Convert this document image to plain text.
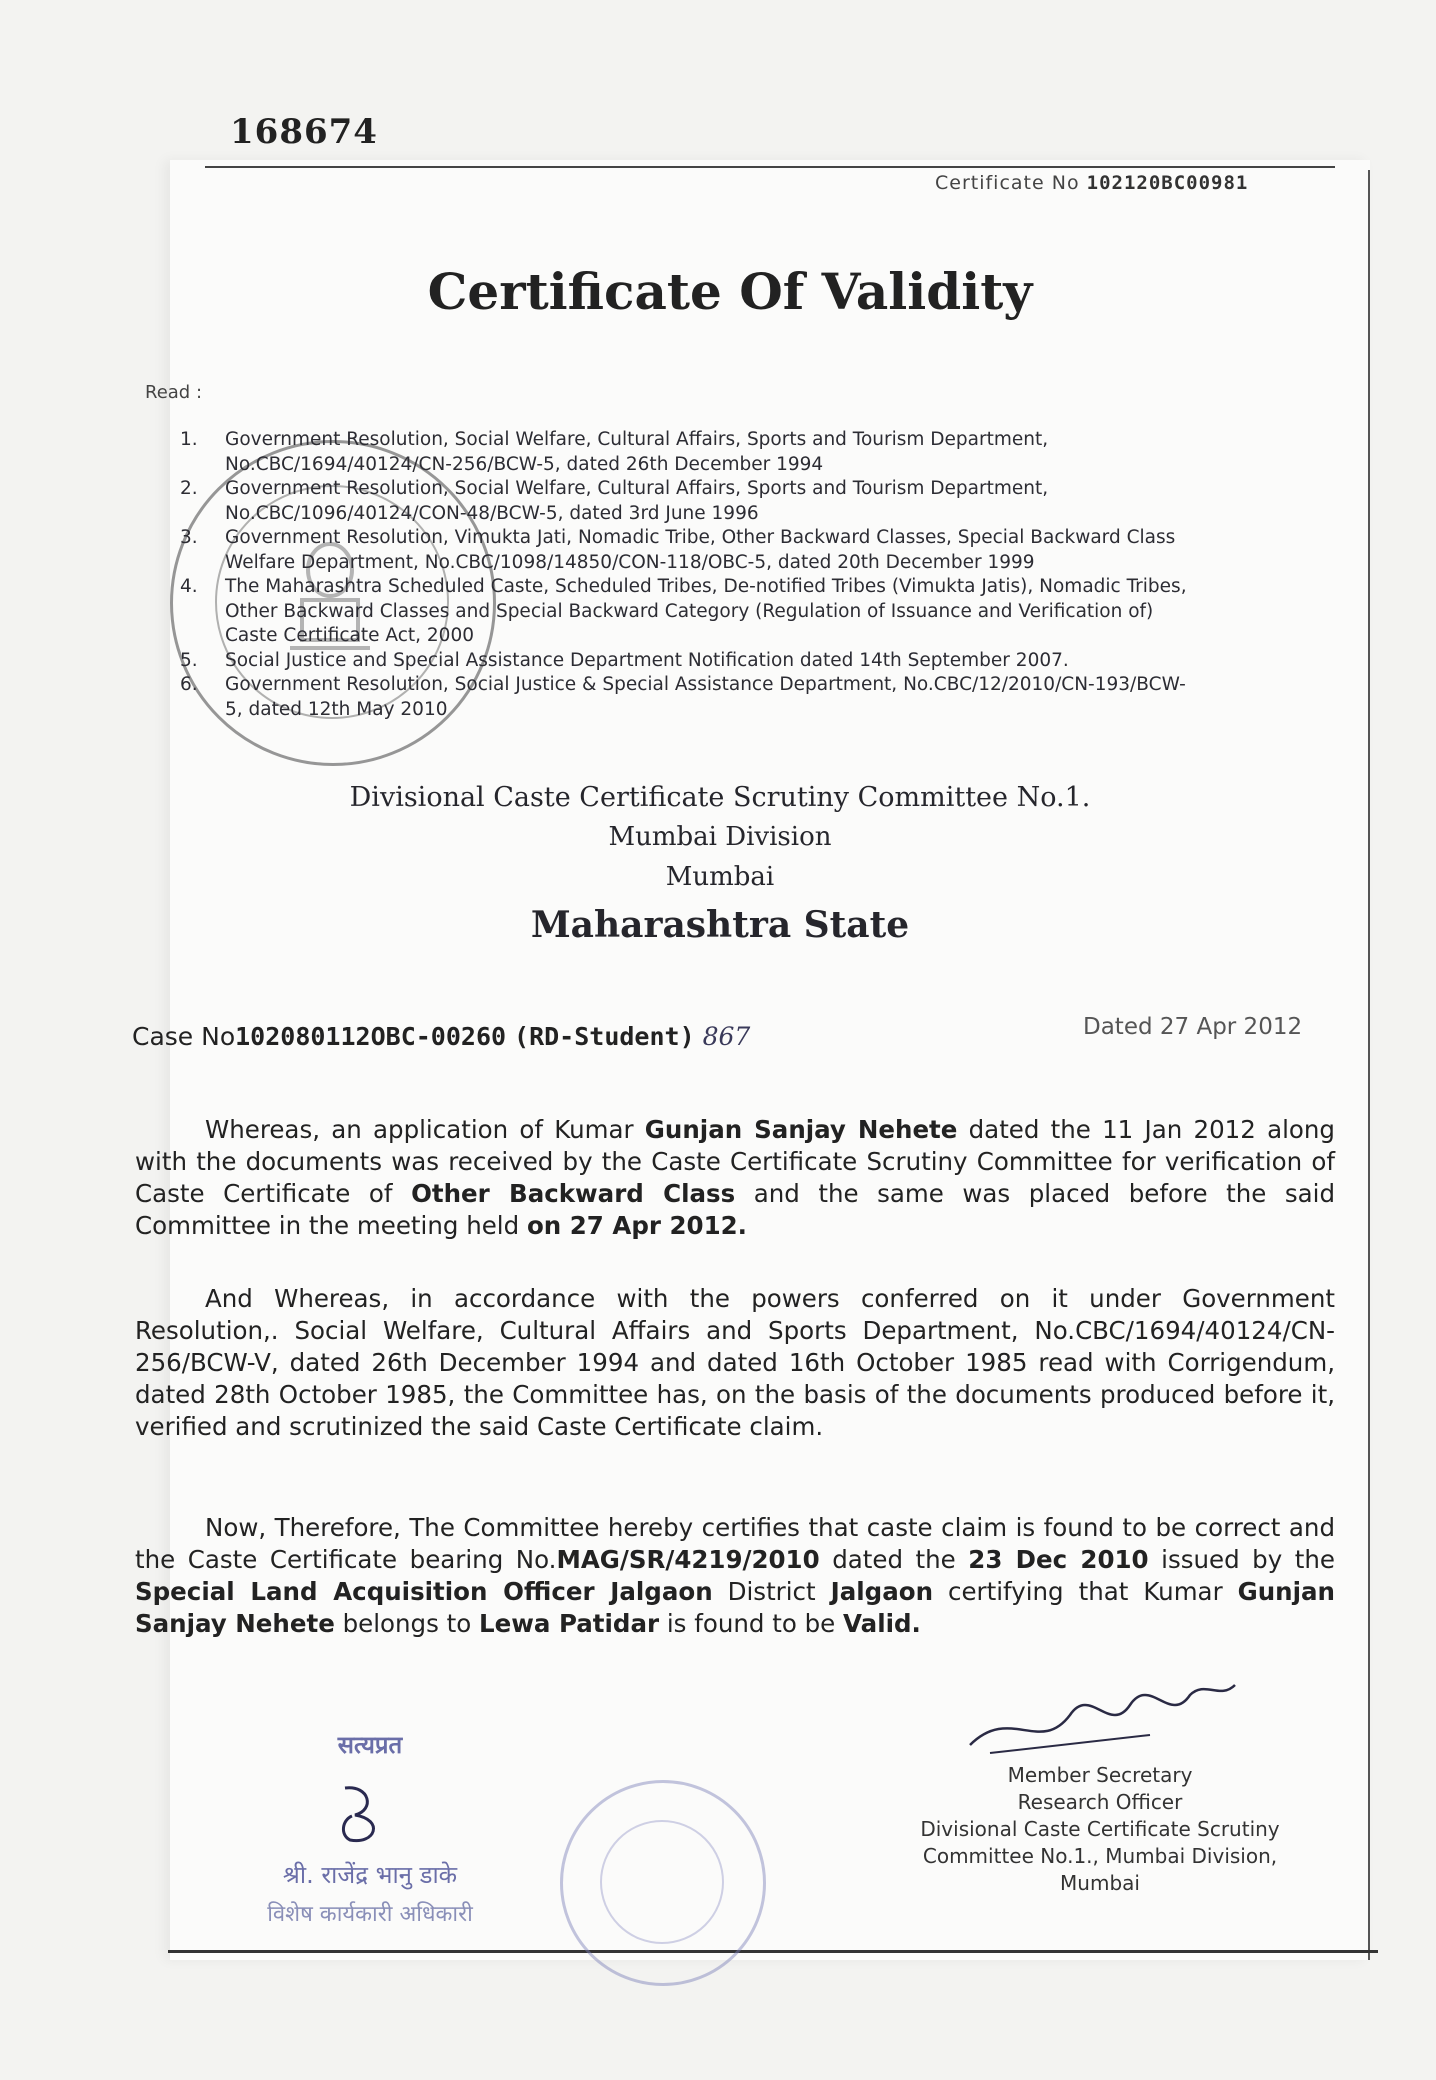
168674
Certificate No 102120BC00981
Certificate Of Validity
Read :
1.	Government Resolution, Social Welfare, Cultural Affairs, Sports and Tourism Department,
No.CBC/1694/40124/CN-256/BCW-5, dated 26th December 1994
2.	Government Resolution, Social Welfare, Cultural Affairs, Sports and Tourism Department,
No.CBC/1096/40124/CON-48/BCW-5, dated 3rd June 1996
3.	Government Resolution, Vimukta Jati, Nomadic Tribe, Other Backward Classes, Special Backward Class
Welfare Department, No.CBC/1098/14850/CON-118/OBC-5, dated 20th December 1999
4.	The Maharashtra Scheduled Caste, Scheduled Tribes, De-notified Tribes (Vimukta Jatis), Nomadic Tribes,
Other Backward Classes and Special Backward Category (Regulation of Issuance and Verification of)
Caste Certificate Act, 2000
5.	Social Justice and Special Assistance Department Notification dated 14th September 2007.
6.	Government Resolution, Social Justice & Special Assistance Department, No.CBC/12/2010/CN-193/BCW-
5, dated 12th May 2010
Divisional Caste Certificate Scrutiny Committee No.1.
Mumbai Division
Mumbai
Maharashtra State
Case No102080112OBC-00260 (RD-Student) 867	Dated 27 Apr 2012
Whereas, an application of Kumar Gunjan Sanjay Nehete dated the 11 Jan 2012 along with the documents was received by the Caste Certificate Scrutiny Committee for verification of Caste Certificate of Other Backward Class and the same was placed before the said Committee in the meeting held on 27 Apr 2012.
And Whereas, in accordance with the powers conferred on it under Government Resolution,. Social Welfare, Cultural Affairs and Sports Department, No.CBC/1694/40124/CN-256/BCW-V, dated 26th December 1994 and dated 16th October 1985 read with Corrigendum, dated 28th October 1985, the Committee has, on the basis of the documents produced before it, verified and scrutinized the said Caste Certificate claim.
Now, Therefore, The Committee hereby certifies that caste claim is found to be correct and the Caste Certificate bearing No.MAG/SR/4219/2010 dated the 23 Dec 2010 issued by the Special Land Acquisition Officer Jalgaon District Jalgaon certifying that Kumar Gunjan Sanjay Nehete belongs to Lewa Patidar is found to be Valid.
सत्यप्रत
श्री. राजेंद्र भानु डाके
विशेष कार्यकारी अधिकारी
Member Secretary
Research Officer
Divisional Caste Certificate Scrutiny
Committee No.1., Mumbai Division,
Mumbai
